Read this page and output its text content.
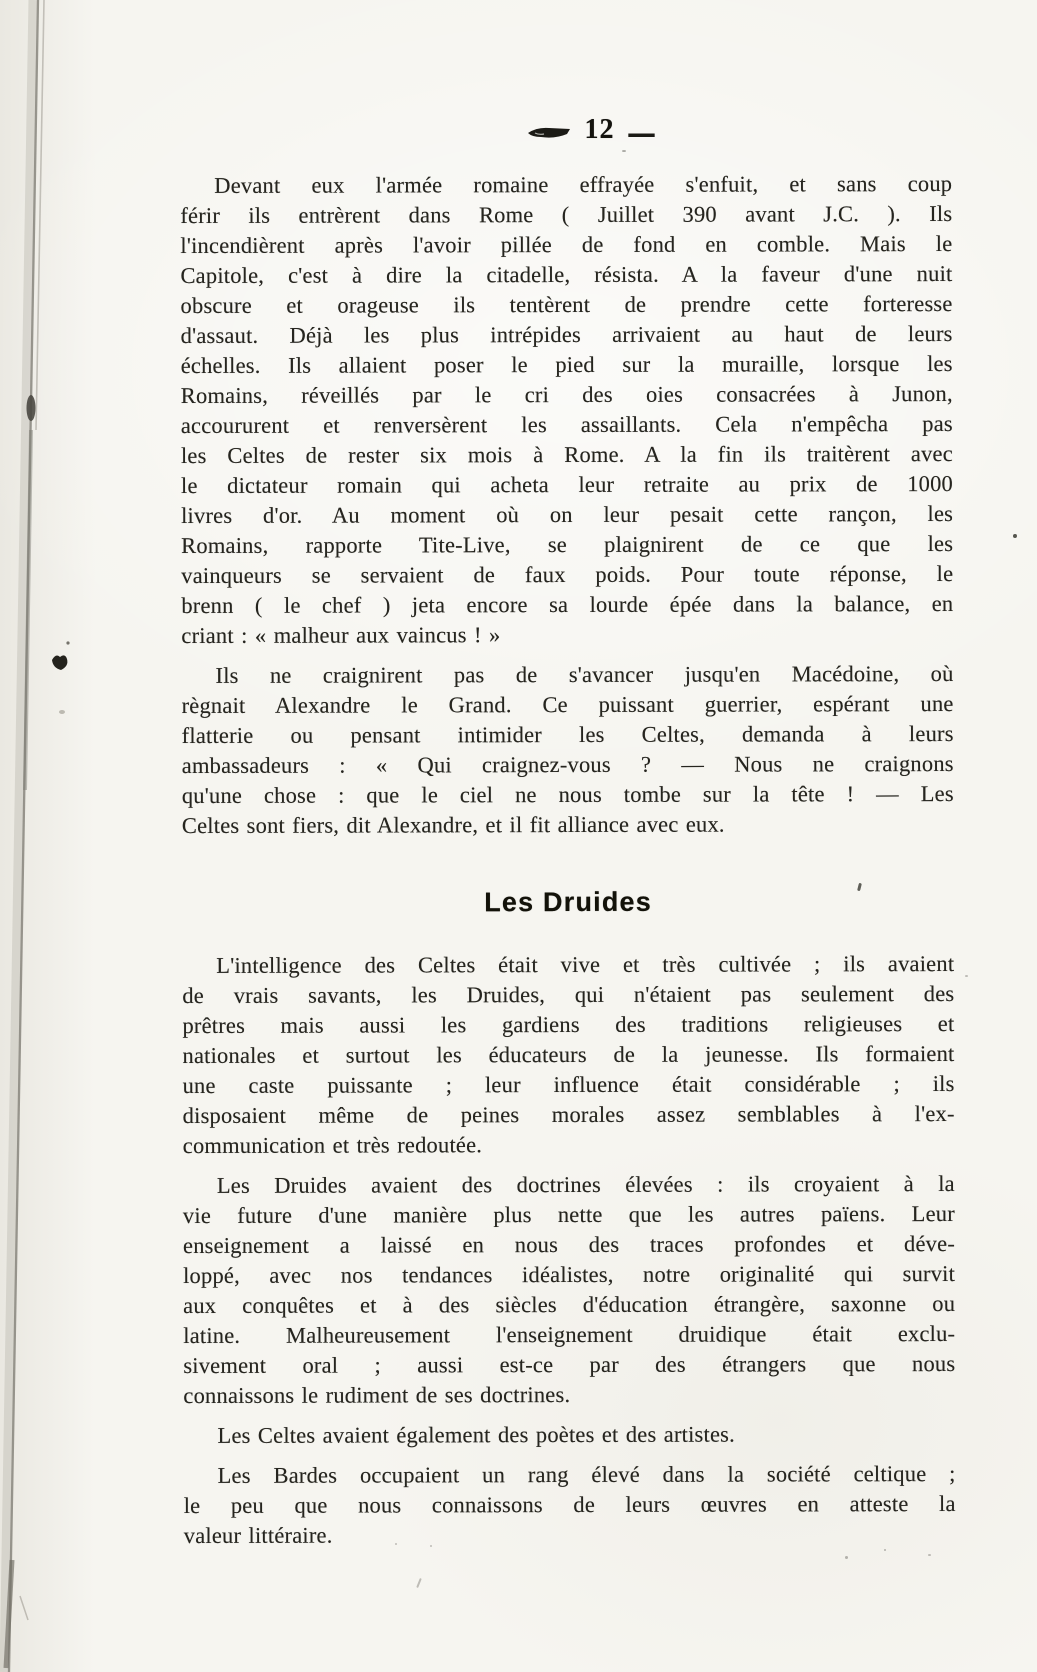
12 —
Devant eux l'armée romaine effrayée s'enfuit, et sans coup
férir ils entrèrent dans Rome ( Juillet 390 avant J.C. ). Ils
l'incendièrent après l'avoir pillée de fond en comble. Mais le
Capitole, c'est à dire la citadelle, résista. A la faveur d'une nuit
obscure et orageuse ils tentèrent de prendre cette forteresse
d'assaut. Déjà les plus intrépides arrivaient au haut de leurs
échelles. Ils allaient poser le pied sur la muraille, lorsque les
Romains, réveillés par le cri des oies consacrées à Junon,
accoururent et renversèrent les assaillants. Cela n'empêcha pas
les Celtes de rester six mois à Rome. A la fin ils traitèrent avec
le dictateur romain qui acheta leur retraite au prix de 1000
livres d'or. Au moment où on leur pesait cette rançon, les
Romains, rapporte Tite-Live, se plaignirent de ce que les
vainqueurs se servaient de faux poids. Pour toute réponse, le
brenn ( le chef ) jeta encore sa lourde épée dans la balance, en
criant : « malheur aux vaincus ! »
Ils ne craignirent pas de s'avancer jusqu'en Macédoine, où
règnait Alexandre le Grand. Ce puissant guerrier, espérant une
flatterie ou pensant intimider les Celtes, demanda à leurs
ambassadeurs : « Qui craignez-vous ? — Nous ne craignons
qu'une chose : que le ciel ne nous tombe sur la tête ! — Les
Celtes sont fiers, dit Alexandre, et il fit alliance avec eux.
Les Druides
L'intelligence des Celtes était vive et très cultivée ; ils avaient
de vrais savants, les Druides, qui n'étaient pas seulement des
prêtres mais aussi les gardiens des traditions religieuses et
nationales et surtout les éducateurs de la jeunesse. Ils formaient
une caste puissante ; leur influence était considérable ; ils
disposaient même de peines morales assez semblables à l'ex-
communication et très redoutée.
Les Druides avaient des doctrines élevées : ils croyaient à la
vie future d'une manière plus nette que les autres païens. Leur
enseignement a laissé en nous des traces profondes et déve-
loppé, avec nos tendances idéalistes, notre originalité qui survit
aux conquêtes et à des siècles d'éducation étrangère, saxonne ou
latine. Malheureusement l'enseignement druidique était exclu-
sivement oral ; aussi est-ce par des étrangers que nous
connaissons le rudiment de ses doctrines.
Les Celtes avaient également des poètes et des artistes.
Les Bardes occupaient un rang élevé dans la société celtique ;
le peu que nous connaissons de leurs œuvres en atteste la
valeur littéraire.
